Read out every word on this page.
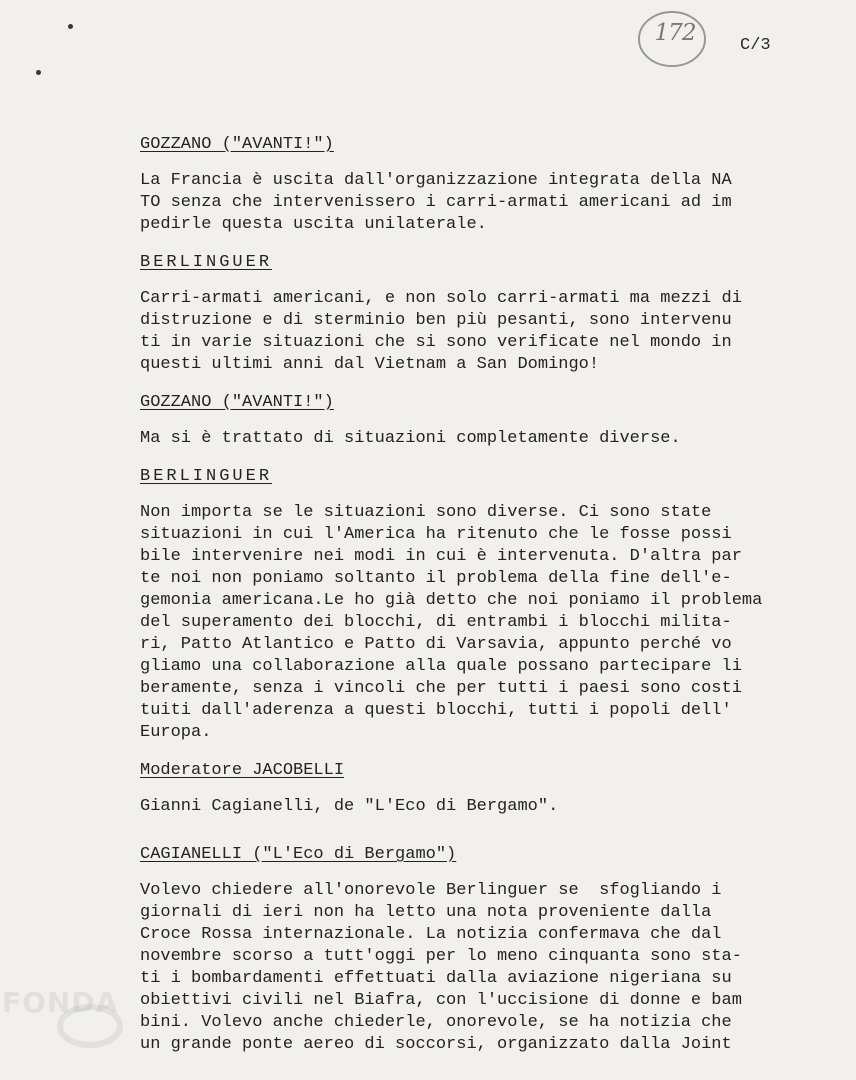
172	C/3
GOZZANO ("AVANTI!")
La Francia è uscita dall'organizzazione integrata della NA
TO senza che intervenissero i carri-armati americani ad im
pedirle questa uscita unilaterale.
BERLINGUER
Carri-armati americani, e non solo carri-armati ma mezzi di
distruzione e di sterminio ben più pesanti, sono intervenu
ti in varie situazioni che si sono verificate nel mondo in
questi ultimi anni dal Vietnam a San Domingo!
GOZZANO ("AVANTI!")
Ma si è trattato di situazioni completamente diverse.
BERLINGUER
Non importa se le situazioni sono diverse. Ci sono state
situazioni in cui l'America ha ritenuto che le fosse possi
bile intervenire nei modi in cui è intervenuta. D'altra par
te noi non poniamo soltanto il problema della fine dell'e-
gemonia americana.Le ho già detto che noi poniamo il problema
del superamento dei blocchi, di entrambi i blocchi milita-
ri, Patto Atlantico e Patto di Varsavia, appunto perché vo
gliamo una collaborazione alla quale possano partecipare li
beramente, senza i vincoli che per tutti i paesi sono costi
tuiti dall'aderenza a questi blocchi, tutti i popoli dell'
Europa.
Moderatore JACOBELLI
Gianni Cagianelli, de "L'Eco di Bergamo".
CAGIANELLI ("L'Eco di Bergamo")
Volevo chiedere all'onorevole Berlinguer se  sfogliando i
giornali di ieri non ha letto una nota proveniente dalla
Croce Rossa internazionale. La notizia confermava che dal
novembre scorso a tutt'oggi per lo meno cinquanta sono sta-
ti i bombardamenti effettuati dalla aviazione nigeriana su
obiettivi civili nel Biafra, con l'uccisione di donne e bam
bini. Volevo anche chiederle, onorevole, se ha notizia che
un grande ponte aereo di soccorsi, organizzato dalla Joint
FONDA
